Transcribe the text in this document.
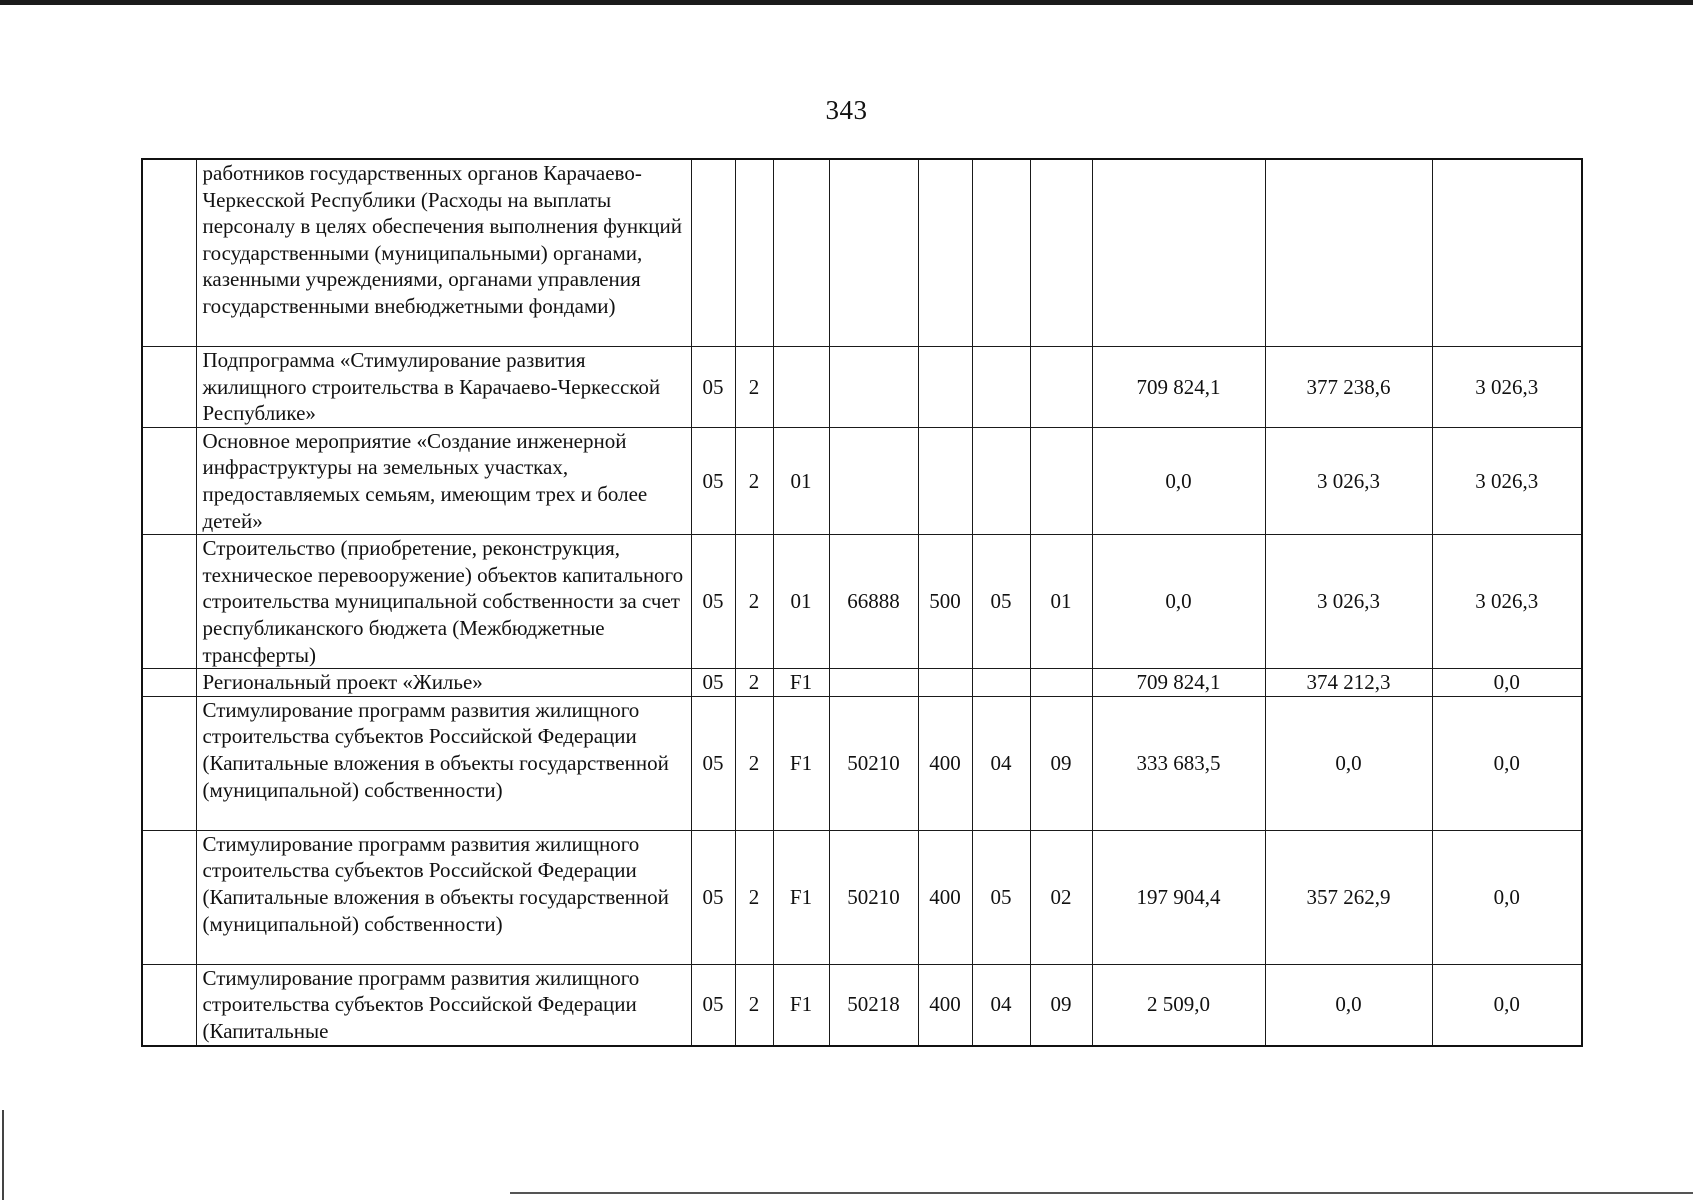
343
	работников государственных органов Карачаево-Черкесской Республики (Расходы на выплаты персоналу в целях обеспечения выполнения функций государственными (муниципальными) органами, казенными учреждениями, органами управления государственными внебюджетными фондами)										
	Подпрограмма «Стимулирование развития жилищного строительства в Карачаево-Черкесской Республике»	05	2						709 824,1	377 238,6	3 026,3
	Основное мероприятие «Создание инженерной инфраструктуры на земельных участках, предоставляемых семьям, имеющим трех и более детей»	05	2	01					0,0	3 026,3	3 026,3
	Строительство (приобретение, реконструкция, техническое перевооружение) объектов капитального строительства муниципальной собственности за счет республиканского бюджета (Межбюджетные трансферты)	05	2	01	66888	500	05	01	0,0	3 026,3	3 026,3
	Региональный проект «Жилье»	05	2	F1					709 824,1	374 212,3	0,0
	Стимулирование программ развития жилищного строительства субъектов Российской Федерации (Капитальные вложения в объекты государственной (муниципальной) собственности)	05	2	F1	50210	400	04	09	333 683,5	0,0	0,0
	Стимулирование программ развития жилищного строительства субъектов Российской Федерации (Капитальные вложения в объекты государственной (муниципальной) собственности)	05	2	F1	50210	400	05	02	197 904,4	357 262,9	0,0
	Стимулирование программ развития жилищного строительства субъектов Российской Федерации (Капитальные	05	2	F1	50218	400	04	09	2 509,0	0,0	0,0
